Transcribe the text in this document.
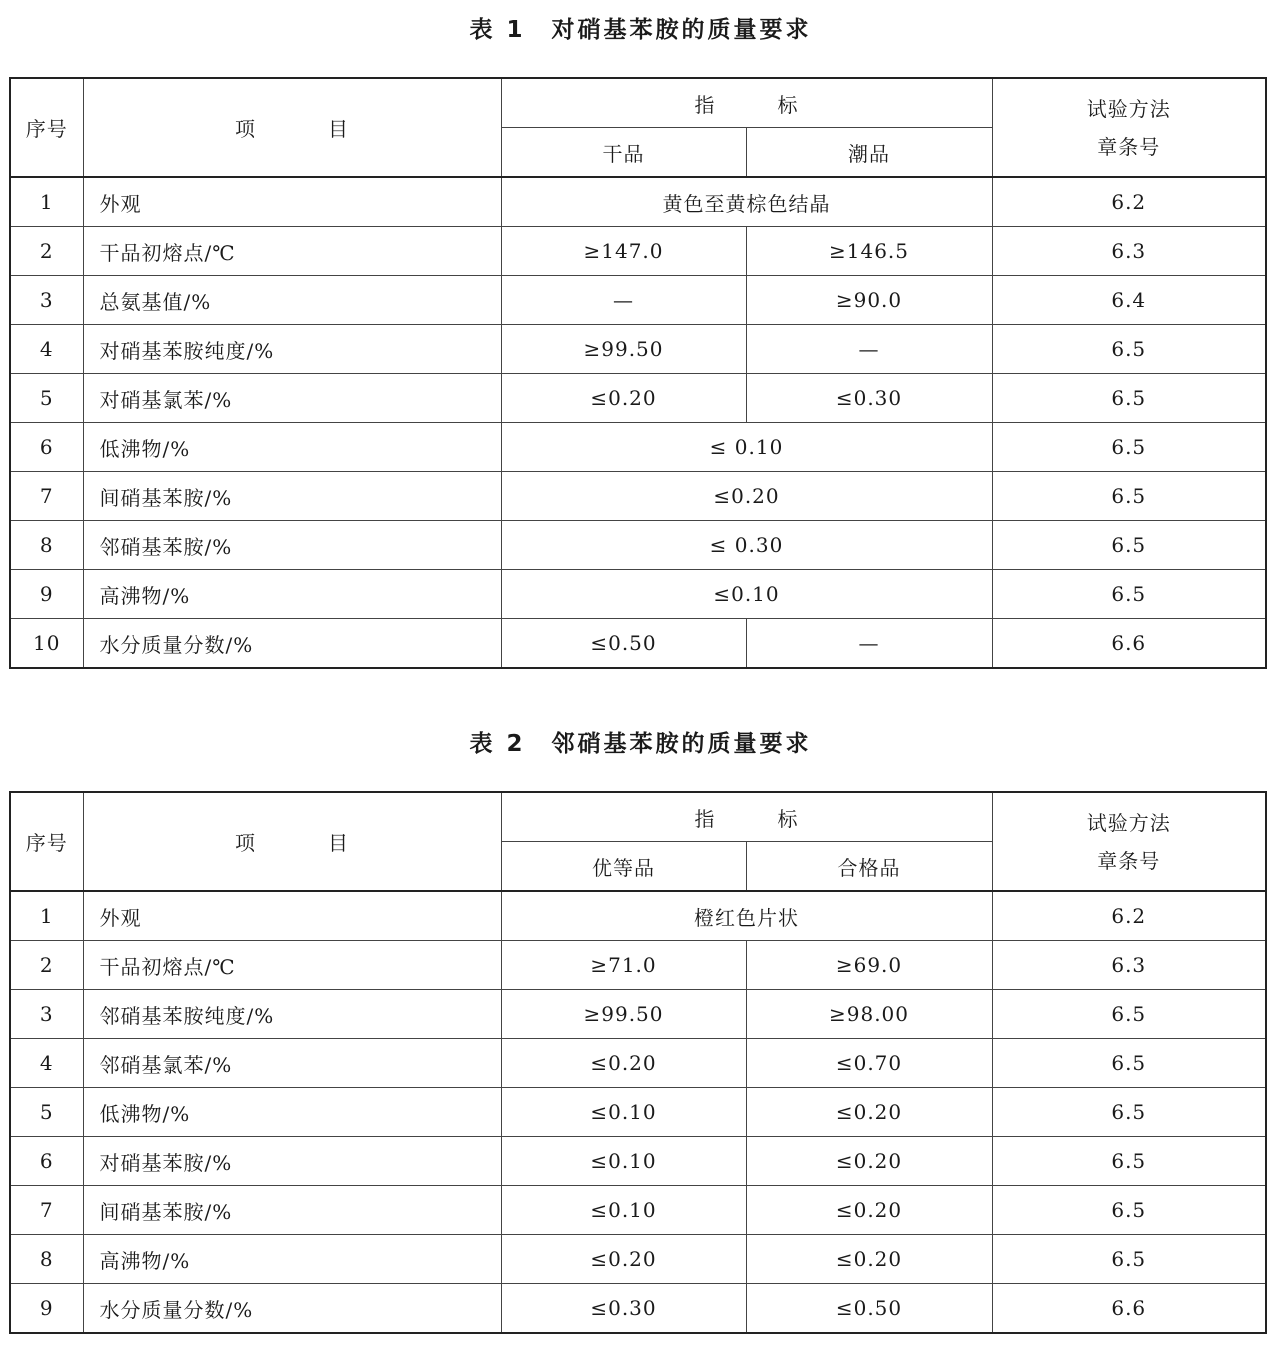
表 1　对硝基苯胺的质量要求
序号	项 目	指 标		试验方法
章条号

		干品	潮品	
1	外观	黄色至黄棕色结晶		6.2
2	干品初熔点/℃	≥147.0	≥146.5	6.3
3	总氨基值/%	—	≥90.0	6.4
4	对硝基苯胺纯度/%	≥99.50	—	6.5
5	对硝基氯苯/%	≤0.20	≤0.30	6.5
6	低沸物/%	≤ 0.10		6.5
7	间硝基苯胺/%	≤0.20		6.5
8	邻硝基苯胺/%	≤ 0.30		6.5
9	高沸物/%	≤0.10		6.5
10	水分质量分数/%	≤0.50	—	6.6
表 2　邻硝基苯胺的质量要求
序号	项 目	指 标		试验方法
章条号

		优等品	合格品	
1	外观	橙红色片状		6.2
2	干品初熔点/℃	≥71.0	≥69.0	6.3
3	邻硝基苯胺纯度/%	≥99.50	≥98.00	6.5
4	邻硝基氯苯/%	≤0.20	≤0.70	6.5
5	低沸物/%	≤0.10	≤0.20	6.5
6	对硝基苯胺/%	≤0.10	≤0.20	6.5
7	间硝基苯胺/%	≤0.10	≤0.20	6.5
8	高沸物/%	≤0.20	≤0.20	6.5
9	水分质量分数/%	≤0.30	≤0.50	6.6
